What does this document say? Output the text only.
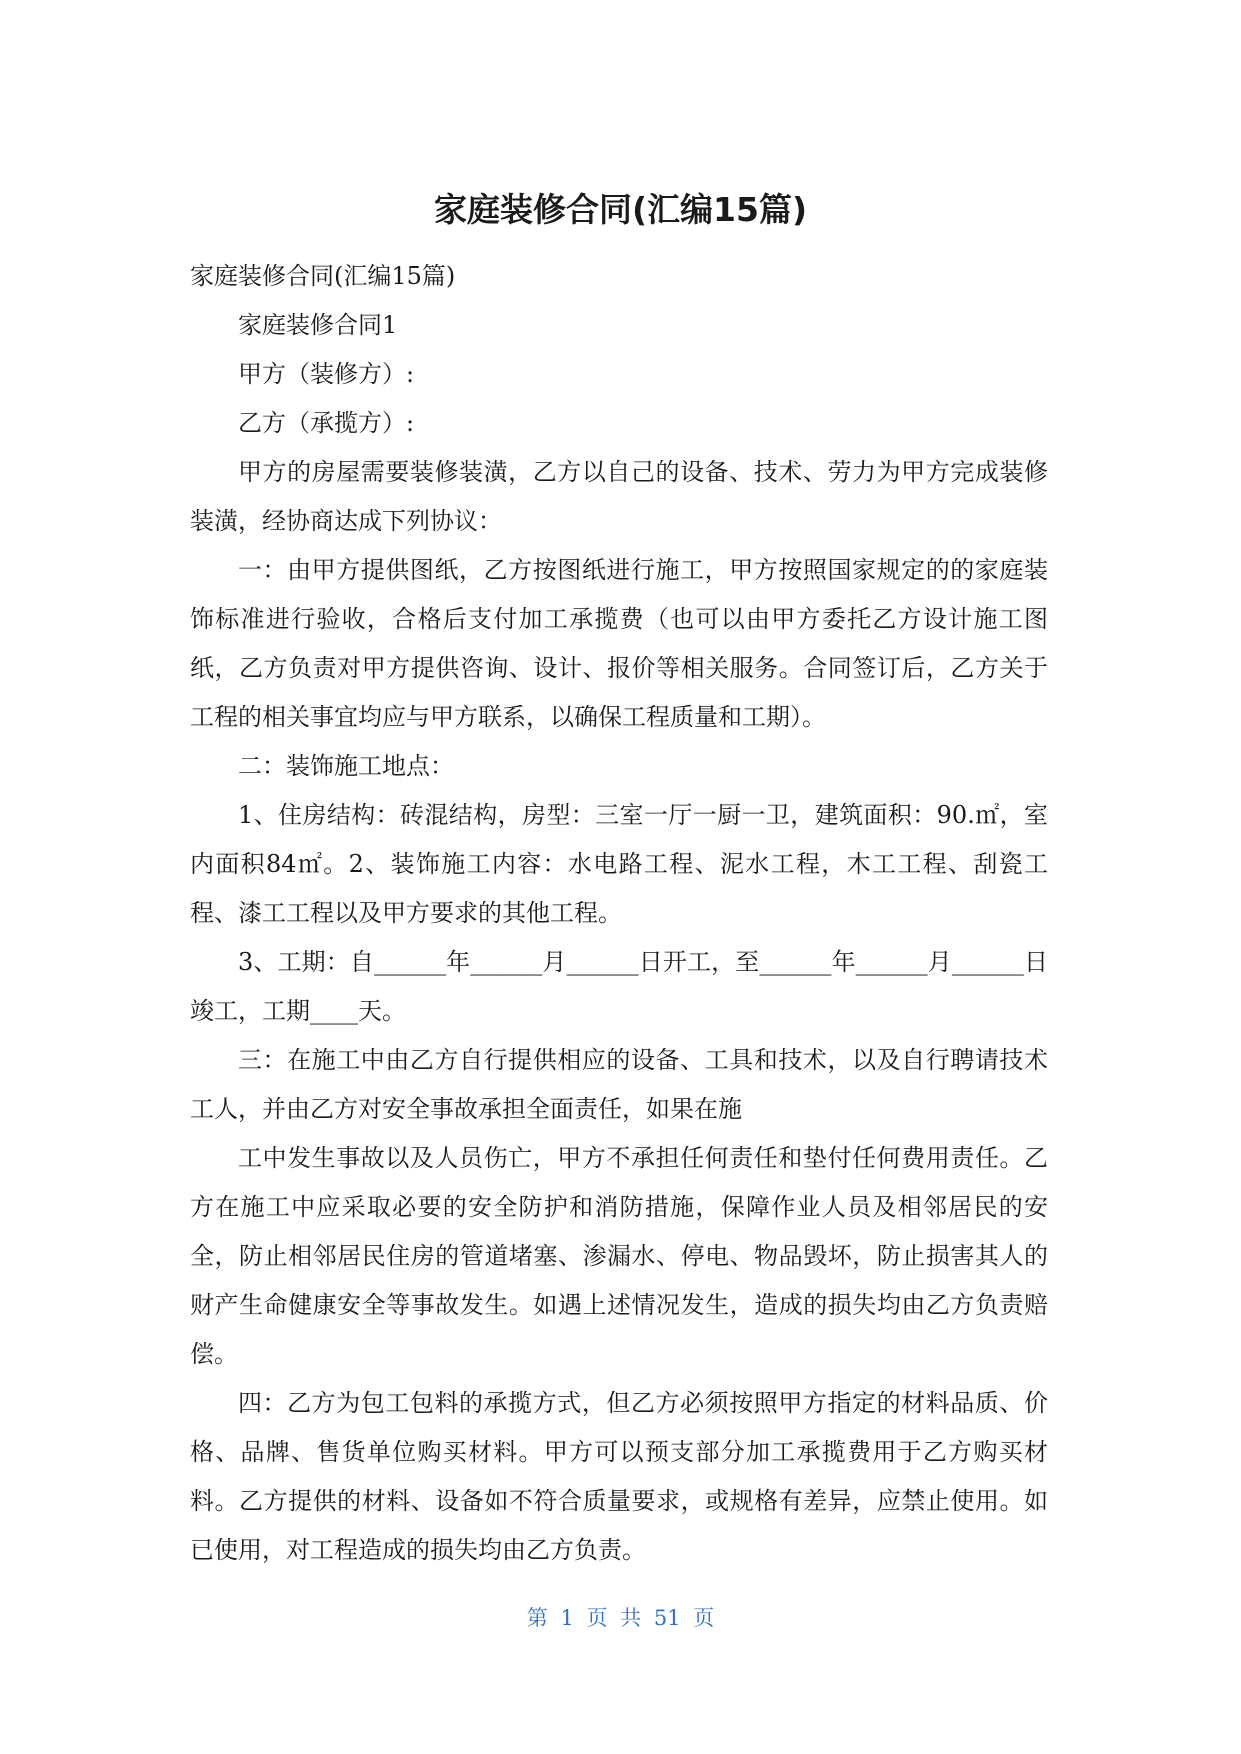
家庭装修合同(汇编15篇)

家庭装修合同(汇编15篇)

家庭装修合同1

甲方（装修方）:

乙方（承揽方）:

甲方的房屋需要装修装潢，乙方以自己的设备、技术、劳力为甲方完成装修装潢，经协商达成下列协议：

一：由甲方提供图纸，乙方按图纸进行施工，甲方按照国家规定的的家庭装饰标准进行验收，合格后支付加工承揽费（也可以由甲方委托乙方设计施工图纸，乙方负责对甲方提供咨询、设计、报价等相关服务。合同签订后，乙方关于工程的相关事宜均应与甲方联系，以确保工程质量和工期）。

二：装饰施工地点：

1、住房结构：砖混结构，房型：三室一厅一厨一卫，建筑面积：90.㎡，室内面积84㎡。2、装饰施工内容：水电路工程、泥水工程，木工工程、刮瓷工程、漆工工程以及甲方要求的其他工程。

3、工期：自______年______月______日开工，至______年______月______日竣工，工期____天。

三：在施工中由乙方自行提供相应的设备、工具和技术，以及自行聘请技术工人，并由乙方对安全事故承担全面责任，如果在施

工中发生事故以及人员伤亡，甲方不承担任何责任和垫付任何费用责任。乙方在施工中应采取必要的安全防护和消防措施，保障作业人员及相邻居民的安全，防止相邻居民住房的管道堵塞、渗漏水、停电、物品毁坏，防止损害其人的财产生命健康安全等事故发生。如遇上述情况发生，造成的损失均由乙方负责赔偿。

四：乙方为包工包料的承揽方式，但乙方必须按照甲方指定的材料品质、价格、品牌、售货单位购买材料。甲方可以预支部分加工承揽费用于乙方购买材料。乙方提供的材料、设备如不符合质量要求，或规格有差异，应禁止使用。如已使用，对工程造成的损失均由乙方负责。

第 1 页 共 51 页
